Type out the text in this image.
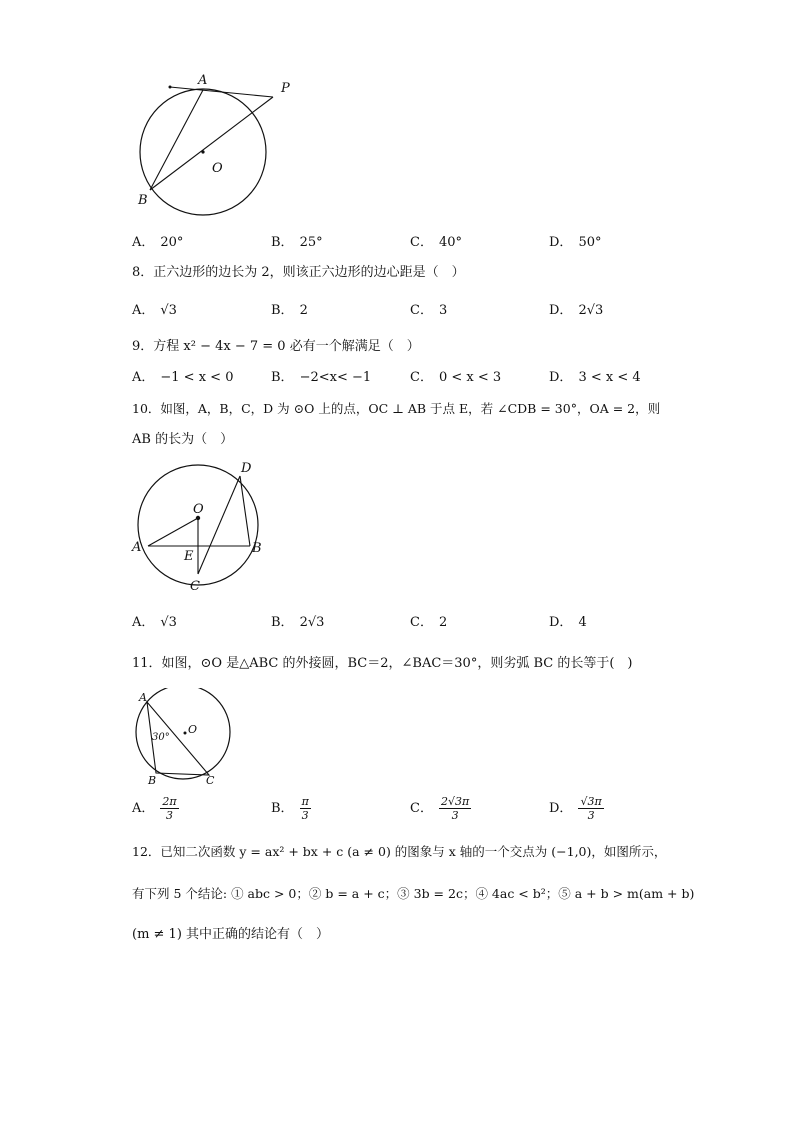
A
P
O
B
A． 20°	B． 25°	C． 40°	D． 50°
8．正六边形的边长为 2，则该正六边形的边心距是（　）
A． √3	B． 2	C． 3	D． 2√3
9．方程 x² − 4x − 7 = 0 必有一个解满足（　）
A． −1 < x < 0	B． −2<x< −1	C． 0 < x < 3	D． 3 < x < 4
10．如图，A，B，C，D 为 ⊙O 上的点，OC ⊥ AB 于点 E，若 ∠CDB = 30°，OA = 2，则
AB 的长为（　）
D
O
A
E
B
C
A． √3	B． 2√3	C． 2	D． 4
11．如图，⊙O 是△ABC 的外接圆，BC＝2，∠BAC＝30°，则劣弧 BC 的长等于(　)
A
O
30°
B	C
A． $\frac{2\pi}{3}$	B． $\frac{\pi}{3}$	C． $\frac{2√3\pi}{3}$	D． $\frac{√3\pi}{3}$
12．已知二次函数 y = ax² + bx + c (a ≠ 0) 的图象与 x 轴的一个交点为 (−1,0)，如图所示，
有下列 5 个结论: ① abc > 0；② b = a + c；③ 3b = 2c；④ 4ac < b²；⑤ a + b > m(am + b)
(m ≠ 1) 其中正确的结论有（　）
